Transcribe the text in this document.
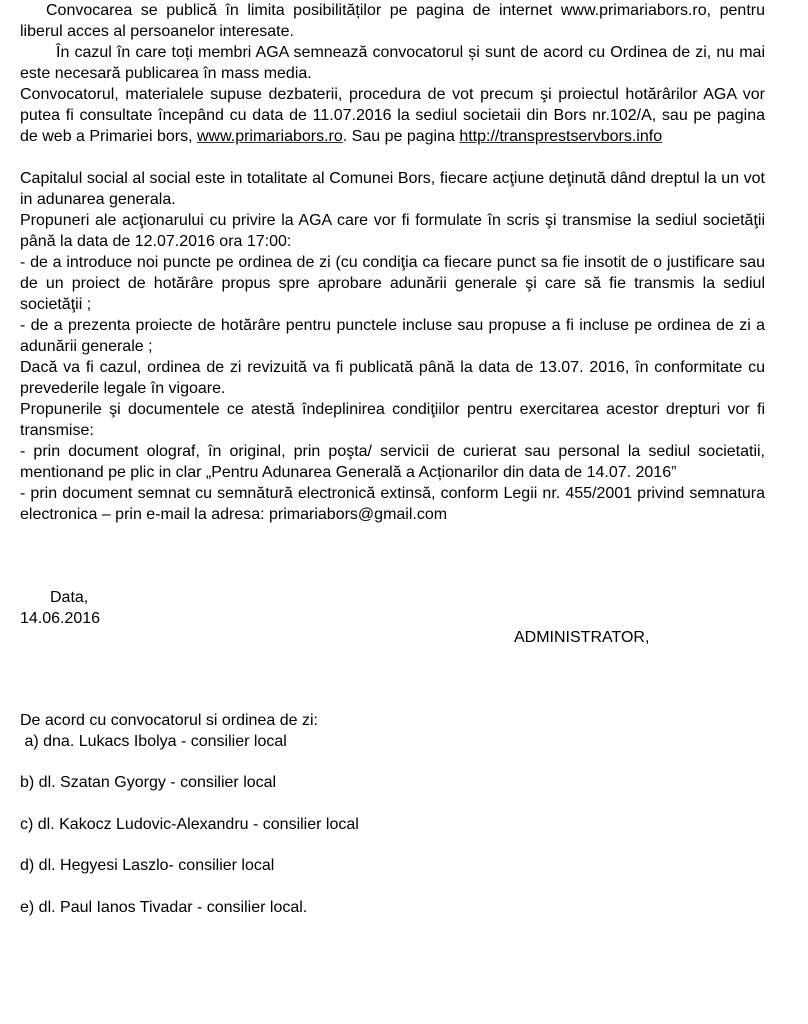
Convocarea se publică în limita posibilităților pe pagina de internet www.primariabors.ro, pentru liberul acces al persoanelor interesate.

În cazul în care toți membri AGA semnează convocatorul și sunt de acord cu Ordinea de zi, nu mai este necesară publicarea în mass media.

Convocatorul, materialele supuse dezbaterii, procedura de vot precum şi proiectul hotărârilor AGA vor putea fi consultate începând cu data de 11.07.2016 la sediul societaii din Bors nr.102/A, sau pe pagina de web a Primariei bors, www.primariabors.ro. Sau pe pagina http://transprestservbors.info

Capitalul social al social este in totalitate al Comunei Bors, fiecare acţiune deţinută dând dreptul la un vot in adunarea generala.

Propuneri ale acţionarului cu privire la AGA care vor fi formulate în scris şi transmise la sediul societăţii până la data de 12.07.2016 ora 17:00:

- de a introduce noi puncte pe ordinea de zi (cu condiţia ca fiecare punct sa fie insotit de o justificare sau de un proiect de hotărâre propus spre aprobare adunării generale şi care să fie transmis la sediul societăţii ;

- de a prezenta proiecte de hotărâre pentru punctele incluse sau propuse a fi incluse pe ordinea de zi a adunării generale ;

Dacă va fi cazul, ordinea de zi revizuită va fi publicată până la data de 13.07. 2016, în conformitate cu prevederile legale în vigoare.

Propunerile şi documentele ce atestă îndeplinirea condiţiilor pentru exercitarea acestor drepturi vor fi transmise:

- prin document olograf, în original, prin poşta/ servicii de curierat sau personal la sediul societatii, mentionand pe plic in clar „Pentru Adunarea Generală a Acționarilor din data de 14.07. 2016”

- prin document semnat cu semnătură electronică extinsă, conform Legii nr. 455/2001 privind semnatura electronica – prin e-mail la adresa: primariabors@gmail.com

Data,
14.06.2016
ADMINISTRATOR,
De acord cu convocatorul si ordinea de zi:
a) dna. Lukacs Ibolya - consilier local
b) dl. Szatan Gyorgy - consilier local
c) dl. Kakocz Ludovic-Alexandru - consilier local
d) dl. Hegyesi Laszlo- consilier local
e) dl. Paul Ianos Tivadar - consilier local.
